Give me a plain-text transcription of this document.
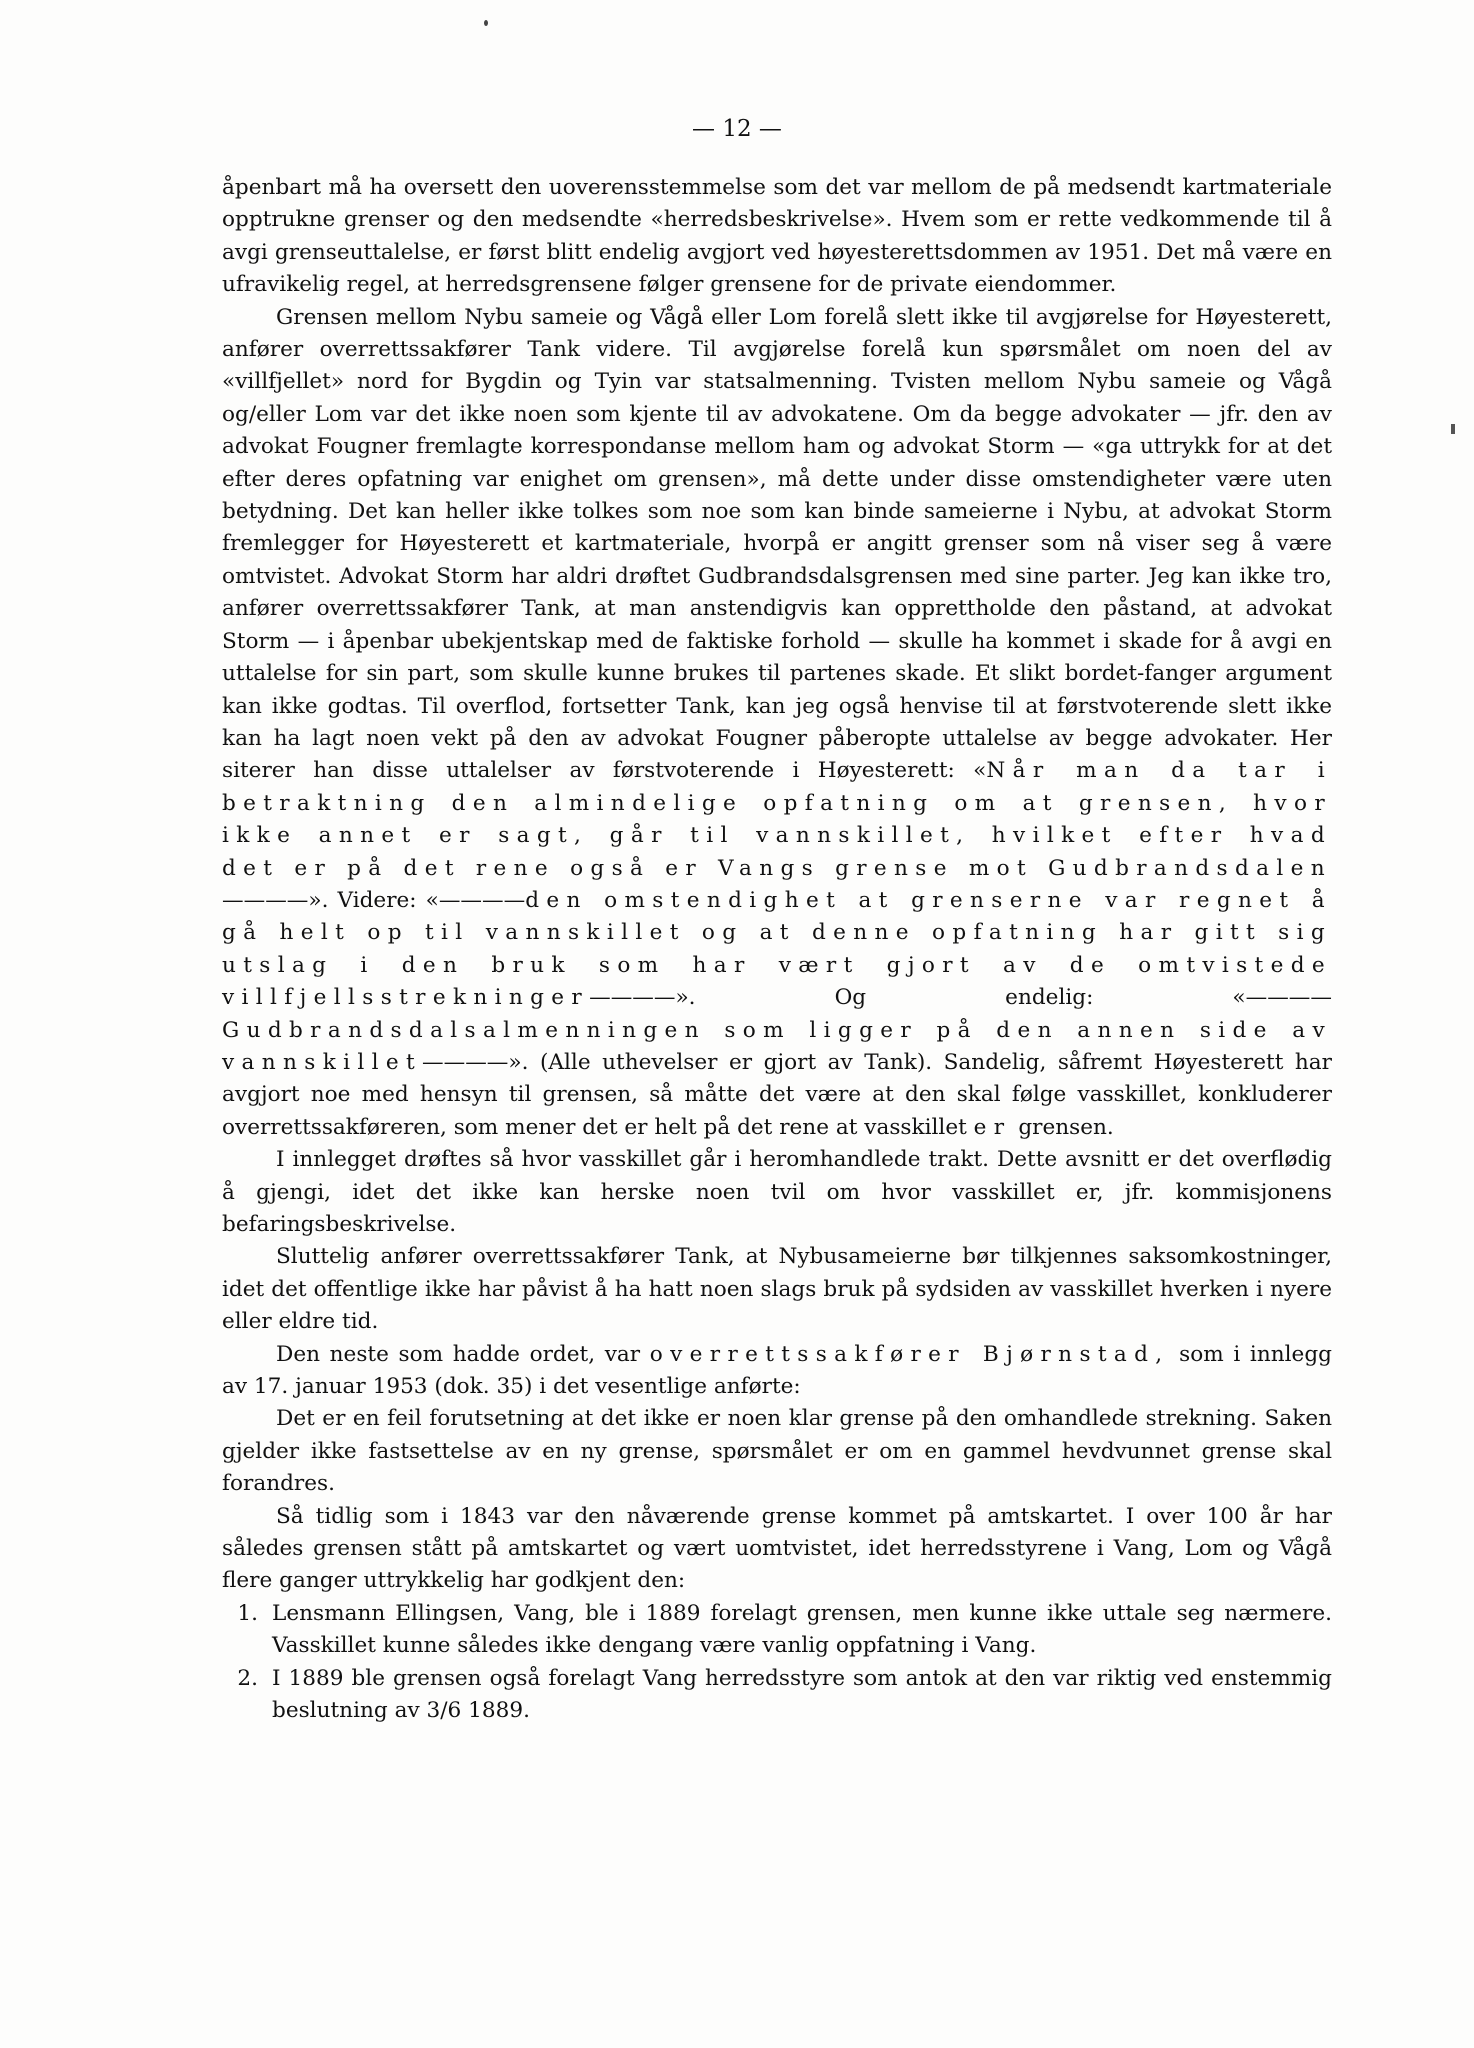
— 12 —

åpenbart må ha oversett den uoverensstemmelse som det var mellom de på medsendt kartmateriale opptrukne grenser og den medsendte «herredsbeskrivelse». Hvem som er rette vedkommende til å avgi grenseuttalelse, er først blitt endelig avgjort ved høyesterettsdommen av 1951. Det må være en ufravikelig regel, at herredsgrensene følger grensene for de private eiendommer.

Grensen mellom Nybu sameie og Vågå eller Lom forelå slett ikke til avgjørelse for Høyesterett, anfører overrettssakfører Tank videre. Til avgjørelse forelå kun spørsmålet om noen del av «villfjellet» nord for Bygdin og Tyin var statsalmenning. Tvisten mellom Nybu sameie og Vågå og/eller Lom var det ikke noen som kjente til av advokatene. Om da begge advokater — jfr. den av advokat Fougner fremlagte korrespondanse mellom ham og advokat Storm — «ga uttrykk for at det efter deres opfatning var enighet om grensen», må dette under disse omstendigheter være uten betydning. Det kan heller ikke tolkes som noe som kan binde sameierne i Nybu, at advokat Storm fremlegger for Høyesterett et kartmateriale, hvorpå er angitt grenser som nå viser seg å være omtvistet. Advokat Storm har aldri drøftet Gudbrandsdalsgrensen med sine parter. Jeg kan ikke tro, anfører overrettssakfører Tank, at man anstendigvis kan opprettholde den påstand, at advokat Storm — i åpenbar ubekjentskap med de faktiske forhold — skulle ha kommet i skade for å avgi en uttalelse for sin part, som skulle kunne brukes til partenes skade. Et slikt bordet-fanger argument kan ikke godtas. Til overflod, fortsetter Tank, kan jeg også henvise til at førstvoterende slett ikke kan ha lagt noen vekt på den av advokat Fougner påberopte uttalelse av begge advokater. Her siterer han disse uttalelser av førstvoterende i Høyesterett: «Når man da tar i betraktning den almindelige opfatning om at grensen, hvor ikke annet er sagt, går til vannskillet, hvilket efter hvad det er på det rene også er Vangs grense mot Gudbrandsdalen————». Videre: «————den omstendighet at grenserne var regnet å gå helt op til vannskillet og at denne opfatning har gitt sig utslag i den bruk som har vært gjort av de omtvistede villfjellsstrekninger————». Og endelig: «————Gudbrandsdalsalmenningen som ligger på den annen side av vannskillet————». (Alle uthevelser er gjort av Tank). Sandelig, såfremt Høyesterett har avgjort noe med hensyn til grensen, så måtte det være at den skal følge vasskillet, konkluderer overrettssakføreren, som mener det er helt på det rene at vasskillet er grensen.

I innlegget drøftes så hvor vasskillet går i heromhandlede trakt. Dette avsnitt er det overflødig å gjengi, idet det ikke kan herske noen tvil om hvor vasskillet er, jfr. kommisjonens befaringsbeskrivelse.

Sluttelig anfører overrettssakfører Tank, at Nybusameierne bør tilkjennes saksomkostninger, idet det offentlige ikke har påvist å ha hatt noen slags bruk på sydsiden av vasskillet hverken i nyere eller eldre tid.

Den neste som hadde ordet, var overrettssakfører Bjørnstad, som i innlegg av 17. januar 1953 (dok. 35) i det vesentlige anførte:

Det er en feil forutsetning at det ikke er noen klar grense på den omhandlede strekning. Saken gjelder ikke fastsettelse av en ny grense, spørsmålet er om en gammel hevdvunnet grense skal forandres.

Så tidlig som i 1843 var den nåværende grense kommet på amtskartet. I over 100 år har således grensen stått på amtskartet og vært uomtvistet, idet herredsstyrene i Vang, Lom og Vågå flere ganger uttrykkelig har godkjent den:

1. Lensmann Ellingsen, Vang, ble i 1889 forelagt grensen, men kunne ikke uttale seg nærmere. Vasskillet kunne således ikke dengang være vanlig oppfatning i Vang.
2. I 1889 ble grensen også forelagt Vang herredsstyre som antok at den var riktig ved enstemmig beslutning av 3/6 1889.
